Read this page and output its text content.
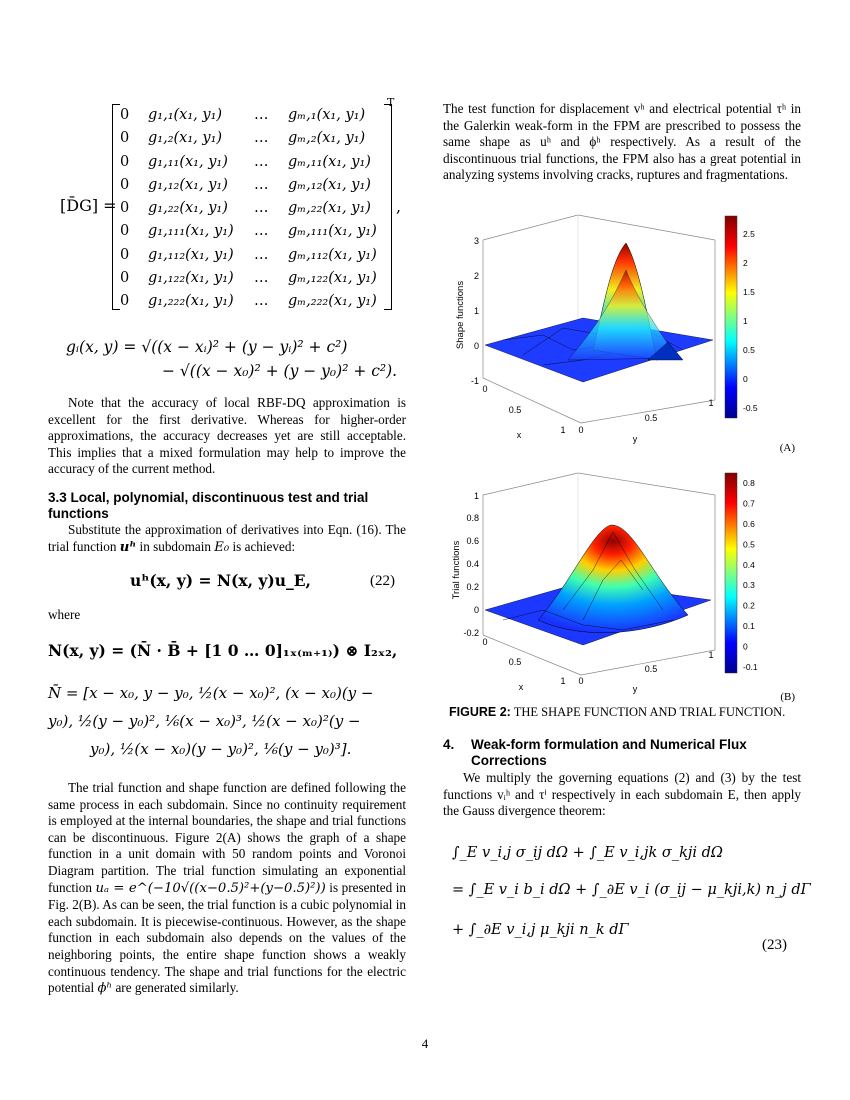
[D̄G] =
0 g₁,₁(x₁, y₁) … gₘ,₁(x₁, y₁)
0 g₁,₂(x₁, y₁) … gₘ,₂(x₁, y₁)
0 g₁,₁₁(x₁, y₁) … gₘ,₁₁(x₁, y₁)
0 g₁,₁₂(x₁, y₁) … gₘ,₁₂(x₁, y₁)
0 g₁,₂₂(x₁, y₁) … gₘ,₂₂(x₁, y₁)
0 g₁,₁₁₁(x₁, y₁) … gₘ,₁₁₁(x₁, y₁)
0 g₁,₁₁₂(x₁, y₁) … gₘ,₁₁₂(x₁, y₁)
0 g₁,₁₂₂(x₁, y₁) … gₘ,₁₂₂(x₁, y₁)
0 g₁,₂₂₂(x₁, y₁) … gₘ,₂₂₂(x₁, y₁)
T
,
gᵢ(x, y) = √((x − xᵢ)² + (y − yᵢ)² + c²)
− √((x − x₀)² + (y − y₀)² + c²).

Note that the accuracy of local RBF-DQ approximation is excellent for the first derivative. Whereas for higher-order approximations, the accuracy decreases yet are still acceptable. This implies that a mixed formulation may help to improve the accuracy of the current method.

3.3 Local, polynomial, discontinuous test and trial functions

Substitute the approximation of derivatives into Eqn. (16). The trial function uʰ in subdomain E₀ is achieved:

uʰ(x, y) = N(x, y)u_E,	(22)

where

N(x, y) = (N̄ · B̄ + [1 0 … 0]₁ₓ₍ₘ₊₁₎) ⊗ I₂ₓ₂,
N̄ = [x − x₀, y − y₀, ½(x − x₀)², (x − x₀)(y −
y₀), ½(y − y₀)², ⅙(x − x₀)³, ½(x − x₀)²(y −
y₀), ½(x − x₀)(y − y₀)², ⅙(y − y₀)³].

The trial function and shape function are defined following the same process in each subdomain. Since no continuity requirement is employed at the internal boundaries, the shape and trial functions can be discontinuous. Figure 2(A) shows the graph of a shape function in a unit domain with 50 random points and Voronoi Diagram partition. The trial function simulating an exponential function uₐ = e^(−10√((x−0.5)²+(y−0.5)²)) is presented in Fig. 2(B). As can be seen, the trial function is a cubic polynomial in each subdomain. It is piecewise-continuous. However, as the shape function in each subdomain also depends on the values of the neighboring points, the entire shape function shows a weakly continuous tendency. The shape and trial functions for the electric potential ϕʰ are generated similarly.

The test function for displacement vʰ and electrical potential τʰ in the Galerkin weak-form in the FPM are prescribed to possess the same shape as uʰ and ϕʰ respectively. As a result of the discontinuous trial functions, the FPM also has a great potential in analyzing systems involving cracks, ruptures and fragmentations.

3
2
1
0
-1
Shape functions
0
0.5
1
x	0
0.5
1
y
2.5
2
1.5
1
0.5
0
-0.5
(A)
1
0.8
0.6
0.4
0.2
0
-0.2
Trial functions
0
0.5
1
x
0
0.5
1
y
0.8
0.7
0.6
0.5
0.4
0.3
0.2
0.1
0
-0.1
(B)
FIGURE 2: THE SHAPE FUNCTION AND TRIAL FUNCTION.
4. Weak-form formulation and Numerical Flux Corrections

We multiply the governing equations (2) and (3) by the test functions vᵢʰ and τⁱ respectively in each subdomain E, then apply the Gauss divergence theorem:

∫_E v_i,j σ_ij dΩ + ∫_E v_i,jk σ_kji dΩ
= ∫_E v_i b_i dΩ + ∫_∂E v_i (σ_ij − μ_kji,k) n_j dΓ
+ ∫_∂E v_i,j μ_kji n_k dΓ
(23)
4
